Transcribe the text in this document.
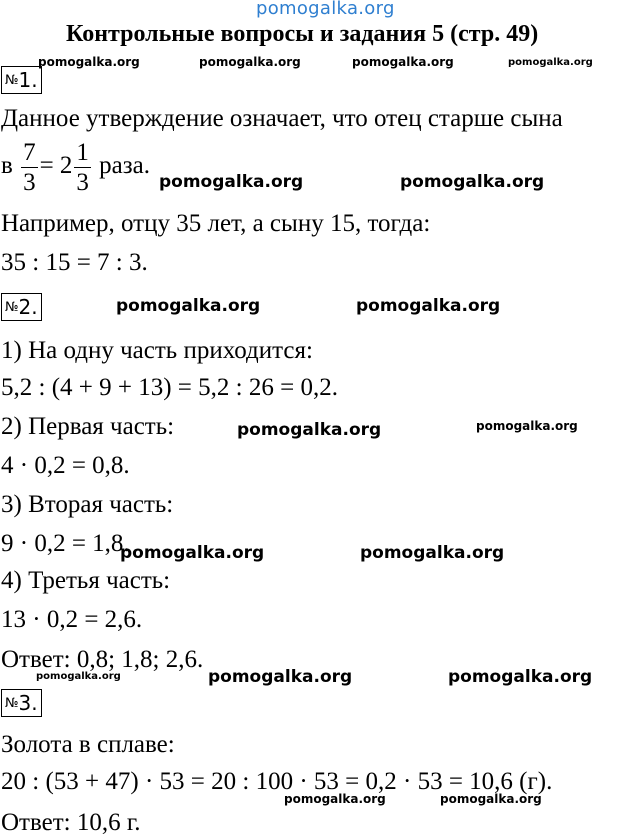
pomogalka.org
Контрольные вопросы и задания 5 (стр. 49)
pomogalka.org	pomogalka.org	pomogalka.org	pomogalka.org
№1.
Данное утверждение означает, что отец старше сына
в $\frac{7}{3} = 2 \frac{1}{3}$ раза.
pomogalka.org	pomogalka.org
Например, отцу 35 лет, а сыну 15, тогда:
35 : 15 = 7 : 3.
№2.	pomogalka.org	pomogalka.org
1) На одну часть приходится:
5,2 : (4 + 9 + 13) = 5,2 : 26 = 0,2.
2) Первая часть:	pomogalka.org	pomogalka.org
4 · 0,2 = 0,8.
3) Вторая часть:
9 · 0,2 = 1,8.
pomogalka.org	pomogalka.org
4) Третья часть:
13 · 0,2 = 2,6.
Ответ: 0,8; 1,8; 2,6.
pomogalka.org	pomogalka.org	pomogalka.org
№3.
Золота в сплаве:
20 : (53 + 47) · 53 = 20 : 100 · 53 = 0,2 · 53 = 10,6 (г).
pomogalka.org	pomogalka.org
Ответ: 10,6 г.
